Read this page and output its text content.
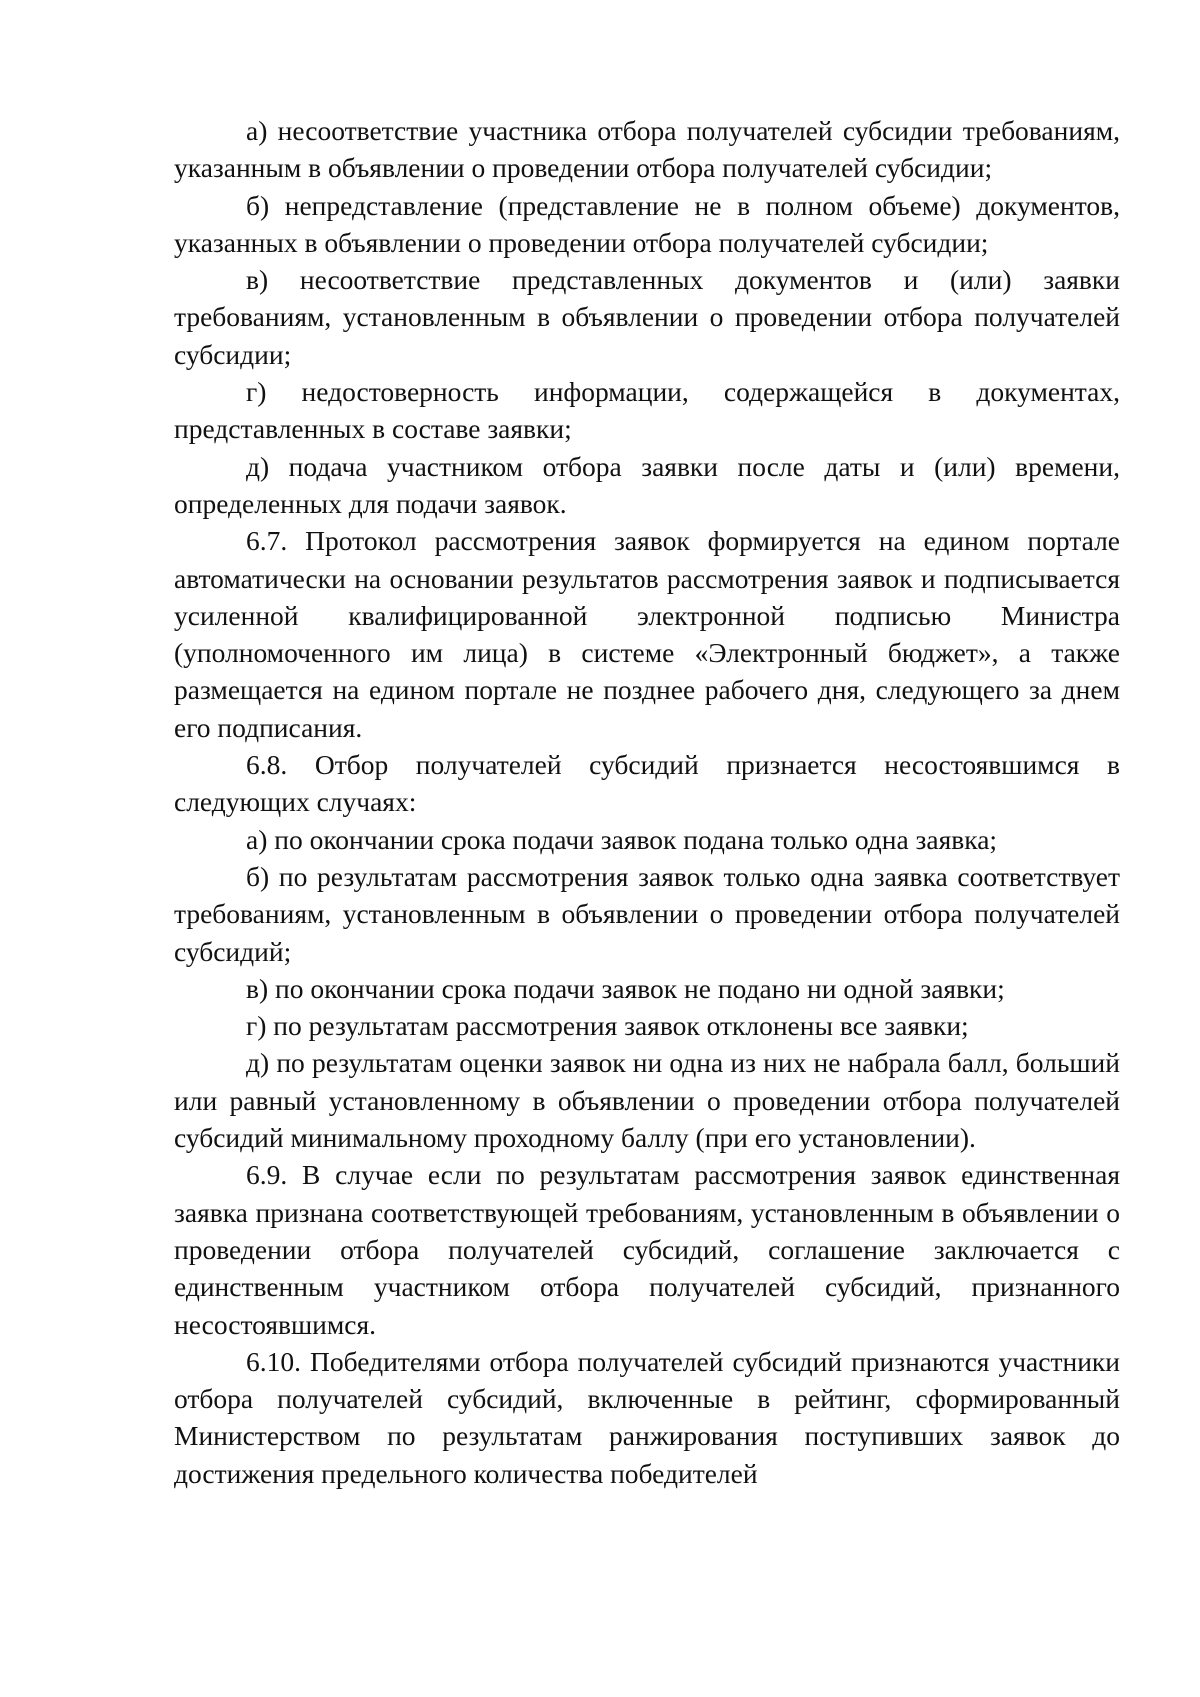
а) несоответствие участника отбора получателей субсидии требованиям, указанным в объявлении о проведении отбора получателей субсидии;

б) непредставление (представление не в полном объеме) документов, указанных в объявлении о проведении отбора получателей субсидии;

в) несоответствие представленных документов и (или) заявки требованиям, установленным в объявлении о проведении отбора получателей субсидии;

г) недостоверность информации, содержащейся в документах, представленных в составе заявки;

д) подача участником отбора заявки после даты и (или) времени, определенных для подачи заявок.

6.7. Протокол рассмотрения заявок формируется на едином портале автоматически на основании результатов рассмотрения заявок и подписывается усиленной квалифицированной электронной подписью Министра (уполномоченного им лица) в системе «Электронный бюджет», а также размещается на едином портале не позднее рабочего дня, следующего за днем его подписания.

6.8. Отбор получателей субсидий признается несостоявшимся в следующих случаях:

а) по окончании срока подачи заявок подана только одна заявка;

б) по результатам рассмотрения заявок только одна заявка соответствует требованиям, установленным в объявлении о проведении отбора получателей субсидий;

в) по окончании срока подачи заявок не подано ни одной заявки;

г) по результатам рассмотрения заявок отклонены все заявки;

д) по результатам оценки заявок ни одна из них не набрала балл, больший или равный установленному в объявлении о проведении отбора получателей субсидий минимальному проходному баллу (при его установлении).

6.9. В случае если по результатам рассмотрения заявок единственная заявка признана соответствующей требованиям, установленным в объявлении о проведении отбора получателей субсидий, соглашение заключается с единственным участником отбора получателей субсидий, признанного несостоявшимся.

6.10. Победителями отбора получателей субсидий признаются участники отбора получателей субсидий, включенные в рейтинг, сформированный Министерством по результатам ранжирования поступивших заявок до достижения предельного количества победителей
